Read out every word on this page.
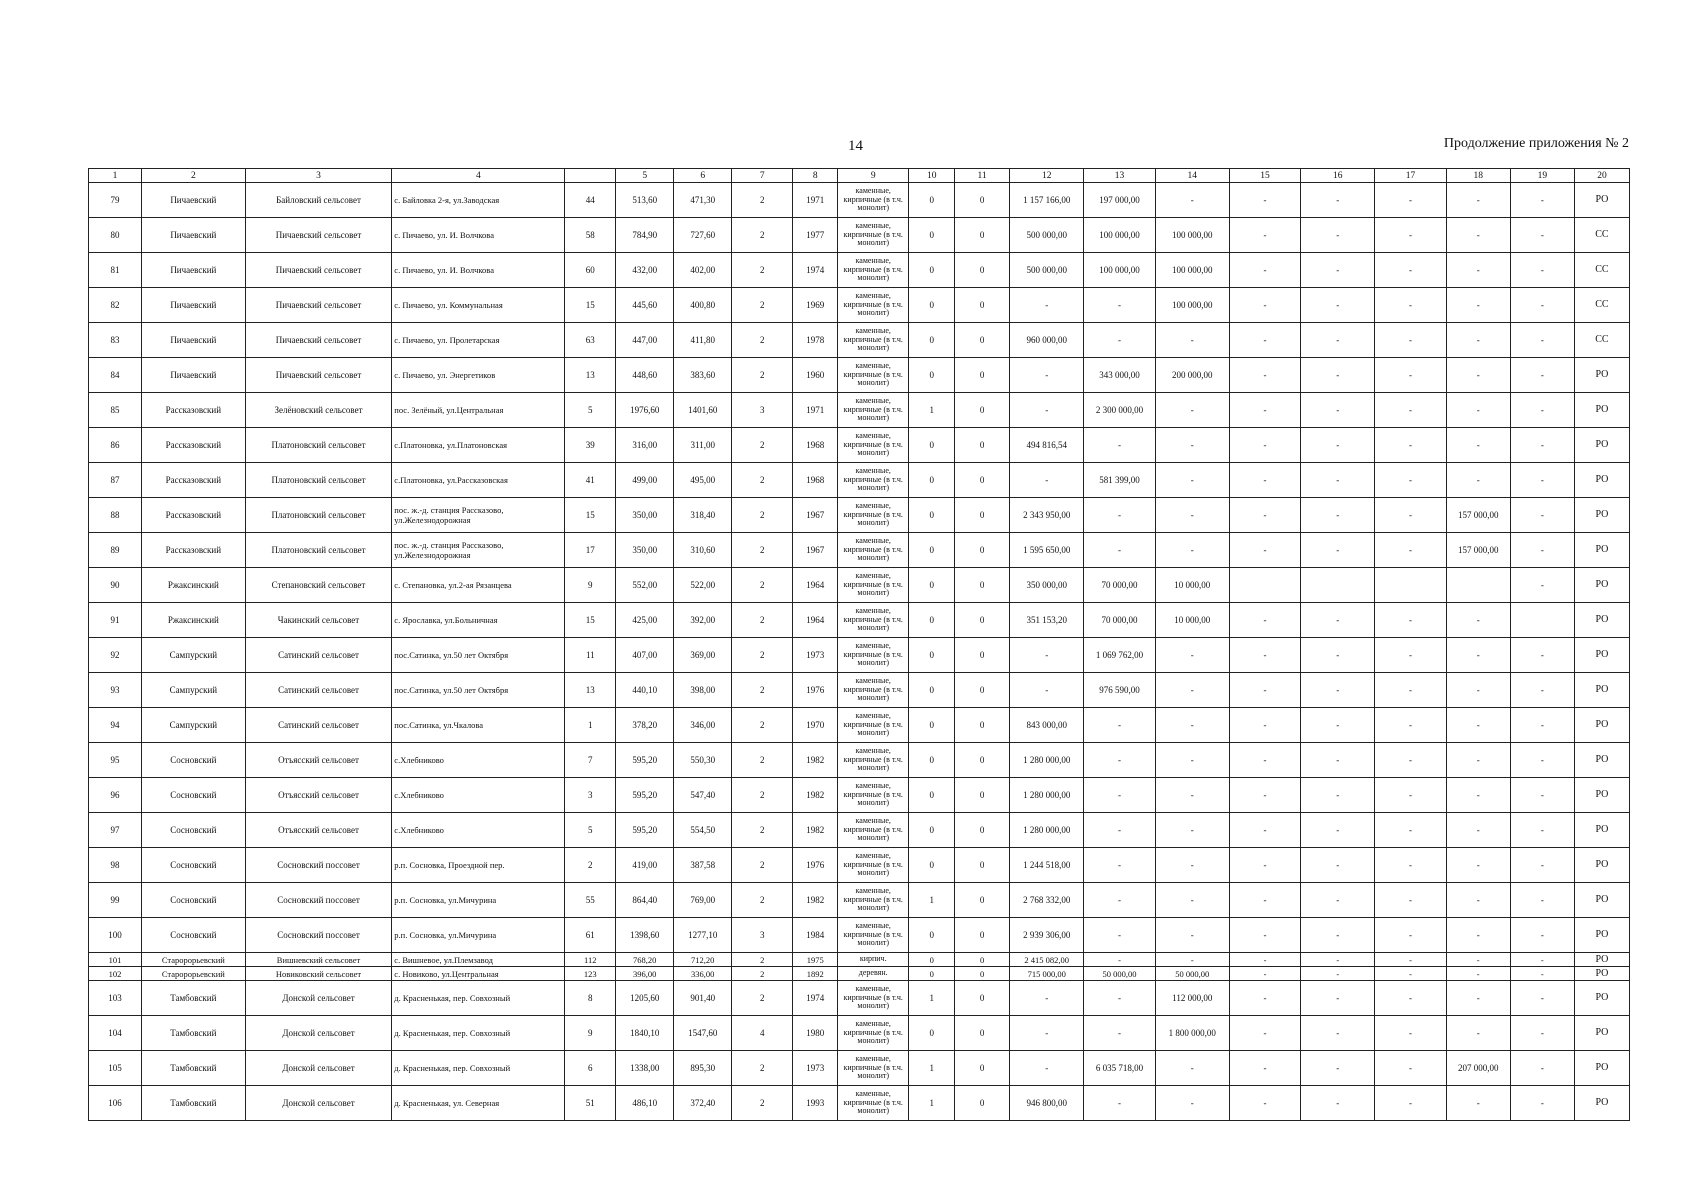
14	Продолжение приложения № 2
1	2	3	4		5	6	7	8	9	10	11	12	13	14	15	16	17	18	19	20
79	Пичаевский	Байловский сельсовет	с. Байловка 2-я, ул.Заводская	44	513,60	471,30	2	1971	каменные, кирпичные (в т.ч. монолит)	0	0	1 157 166,00	197 000,00	-	-	-	-	-	-	РО
80	Пичаевский	Пичаевский сельсовет	с. Пичаево, ул. И. Волчкова	58	784,90	727,60	2	1977	каменные, кирпичные (в т.ч. монолит)	0	0	500 000,00	100 000,00	100 000,00	-	-	-	-	-	СС
81	Пичаевский	Пичаевский сельсовет	с. Пичаево, ул. И. Волчкова	60	432,00	402,00	2	1974	каменные, кирпичные (в т.ч. монолит)	0	0	500 000,00	100 000,00	100 000,00	-	-	-	-	-	СС
82	Пичаевский	Пичаевский сельсовет	с. Пичаево, ул. Коммунальная	15	445,60	400,80	2	1969	каменные, кирпичные (в т.ч. монолит)	0	0	-	-	100 000,00	-	-	-	-	-	СС
83	Пичаевский	Пичаевский сельсовет	с. Пичаево, ул. Пролетарская	63	447,00	411,80	2	1978	каменные, кирпичные (в т.ч. монолит)	0	0	960 000,00	-	-	-	-	-	-	-	СС
84	Пичаевский	Пичаевский сельсовет	с. Пичаево, ул. Энергетиков	13	448,60	383,60	2	1960	каменные, кирпичные (в т.ч. монолит)	0	0	-	343 000,00	200 000,00	-	-	-	-	-	РО
85	Рассказовский	Зелёновский сельсовет	пос. Зелёный, ул.Центральная	5	1976,60	1401,60	3	1971	каменные, кирпичные (в т.ч. монолит)	1	0	-	2 300 000,00	-	-	-	-	-	-	РО
86	Рассказовский	Платоновский сельсовет	с.Платоновка, ул.Платоновская	39	316,00	311,00	2	1968	каменные, кирпичные (в т.ч. монолит)	0	0	494 816,54	-	-	-	-	-	-	-	РО
87	Рассказовский	Платоновский сельсовет	с.Платоновка, ул.Рассказовская	41	499,00	495,00	2	1968	каменные, кирпичные (в т.ч. монолит)	0	0	-	581 399,00	-	-	-	-	-	-	РО
88	Рассказовский	Платоновский сельсовет	пос. ж.-д. станция Рассказово, ул.Железнодорожная	15	350,00	318,40	2	1967	каменные, кирпичные (в т.ч. монолит)	0	0	2 343 950,00	-	-	-	-	-	157 000,00	-	РО
89	Рассказовский	Платоновский сельсовет	пос. ж.-д. станция Рассказово, ул.Железнодорожная	17	350,00	310,60	2	1967	каменные, кирпичные (в т.ч. монолит)	0	0	1 595 650,00	-	-	-	-	-	157 000,00	-	РО
90	Ржаксинский	Степановский сельсовет	с. Степановка, ул.2-ая Рязанцева	9	552,00	522,00	2	1964	каменные, кирпичные (в т.ч. монолит)	0	0	350 000,00	70 000,00	10 000,00					-	РО
91	Ржаксинский	Чакинский сельсовет	с. Ярославка, ул.Больничная	15	425,00	392,00	2	1964	каменные, кирпичные (в т.ч. монолит)	0	0	351 153,20	70 000,00	10 000,00	-	-	-	-		РО
92	Сампурский	Сатинский сельсовет	пос.Сатинка, ул.50 лет Октября	11	407,00	369,00	2	1973	каменные, кирпичные (в т.ч. монолит)	0	0	-	1 069 762,00	-	-	-	-	-	-	РО
93	Сампурский	Сатинский сельсовет	пос.Сатинка, ул.50 лет Октября	13	440,10	398,00	2	1976	каменные, кирпичные (в т.ч. монолит)	0	0	-	976 590,00	-	-	-	-	-	-	РО
94	Сампурский	Сатинский сельсовет	пос.Сатинка, ул.Чкалова	1	378,20	346,00	2	1970	каменные, кирпичные (в т.ч. монолит)	0	0	843 000,00	-	-	-	-	-	-	-	РО
95	Сосновский	Отъясский сельсовет	с.Хлебниково	7	595,20	550,30	2	1982	каменные, кирпичные (в т.ч. монолит)	0	0	1 280 000,00	-	-	-	-	-	-	-	РО
96	Сосновский	Отъясский сельсовет	с.Хлебниково	3	595,20	547,40	2	1982	каменные, кирпичные (в т.ч. монолит)	0	0	1 280 000,00	-	-	-	-	-	-	-	РО
97	Сосновский	Отъясский сельсовет	с.Хлебниково	5	595,20	554,50	2	1982	каменные, кирпичные (в т.ч. монолит)	0	0	1 280 000,00	-	-	-	-	-	-	-	РО
98	Сосновский	Сосновский поссовет	р.п. Сосновка, Проездной пер.	2	419,00	387,58	2	1976	каменные, кирпичные (в т.ч. монолит)	0	0	1 244 518,00	-	-	-	-	-	-	-	РО
99	Сосновский	Сосновский поссовет	р.п. Сосновка, ул.Мичурина	55	864,40	769,00	2	1982	каменные, кирпичные (в т.ч. монолит)	1	0	2 768 332,00	-	-	-	-	-	-	-	РО
100	Сосновский	Сосновский поссовет	р.п. Сосновка, ул.Мичурина	61	1398,60	1277,10	3	1984	каменные, кирпичные (в т.ч. монолит)	0	0	2 939 306,00	-	-	-	-	-	-	-	РО
101	Старорорьевский	Вишневский сельсовет	с. Вишневое, ул.Племзавод	112	768,20	712,20	2	1975	кирпич.	0	0	2 415 082,00	-	-	-	-	-	-	-	РО
102	Старорорьевский	Новиковский сельсовет	с. Новиково, ул.Центральная	123	396,00	336,00	2	1892	деревян.	0	0	715 000,00	50 000,00	50 000,00	-	-	-	-	-	РО
103	Тамбовский	Донской сельсовет	д. Красненькая, пер. Совхозный	8	1205,60	901,40	2	1974	каменные, кирпичные (в т.ч. монолит)	1	0	-	-	112 000,00	-	-	-	-	-	РО
104	Тамбовский	Донской сельсовет	д. Красненькая, пер. Совхозный	9	1840,10	1547,60	4	1980	каменные, кирпичные (в т.ч. монолит)	0	0	-	-	1 800 000,00	-	-	-	-	-	РО
105	Тамбовский	Донской сельсовет	д. Красненькая, пер. Совхозный	6	1338,00	895,30	2	1973	каменные, кирпичные (в т.ч. монолит)	1	0	-	6 035 718,00	-	-	-	-	207 000,00	-	РО
106	Тамбовский	Донской сельсовет	д. Красненькая, ул. Северная	51	486,10	372,40	2	1993	каменные, кирпичные (в т.ч. монолит)	1	0	946 800,00	-	-	-	-	-	-	-	РО
